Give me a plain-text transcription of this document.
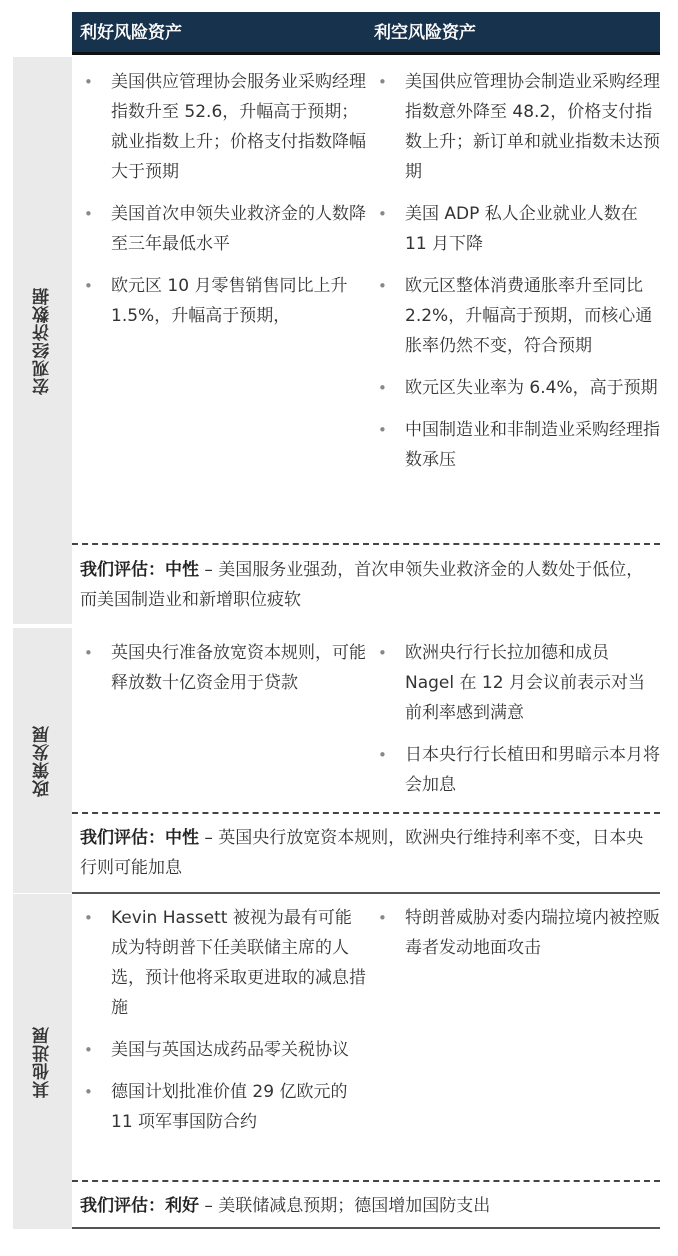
利好风险资产	利空风险资产
宏观经济数据
• 美国供应管理协会服务业采购经理指数升至 52.6，升幅高于预期；就业指数上升；价格支付指数降幅大于预期
• 美国首次申领失业救济金的人数降至三年最低水平
• 欧元区 10 月零售销售同比上升 1.5%，升幅高于预期，
• 美国供应管理协会制造业采购经理指数意外降至 48.2，价格支付指数上升；新订单和就业指数未达预期
• 美国 ADP 私人企业就业人数在 11 月下降
• 欧元区整体消费通胀率升至同比 2.2%，升幅高于预期，而核心通胀率仍然不变，符合预期
• 欧元区失业率为 6.4%，高于预期
• 中国制造业和非制造业采购经理指数承压
我们评估：中性 – 美国服务业强劲，首次申领失业救济金的人数处于低位，而美国制造业和新增职位疲软
政策发展
• 英国央行准备放宽资本规则，可能释放数十亿资金用于贷款
• 欧洲央行行长拉加德和成员 Nagel 在 12 月会议前表示对当前利率感到满意
• 日本央行行长植田和男暗示本月将会加息
我们评估：中性 – 英国央行放宽资本规则，欧洲央行维持利率不变，日本央行则可能加息
其他进展
• Kevin Hassett 被视为最有可能成为特朗普下任美联储主席的人选，预计他将采取更进取的减息措施
• 美国与英国达成药品零关税协议
• 德国计划批准价值 29 亿欧元的 11 项军事国防合约
• 特朗普威胁对委内瑞拉境内被控贩毒者发动地面攻击
我们评估：利好 – 美联储减息预期；德国增加国防支出
